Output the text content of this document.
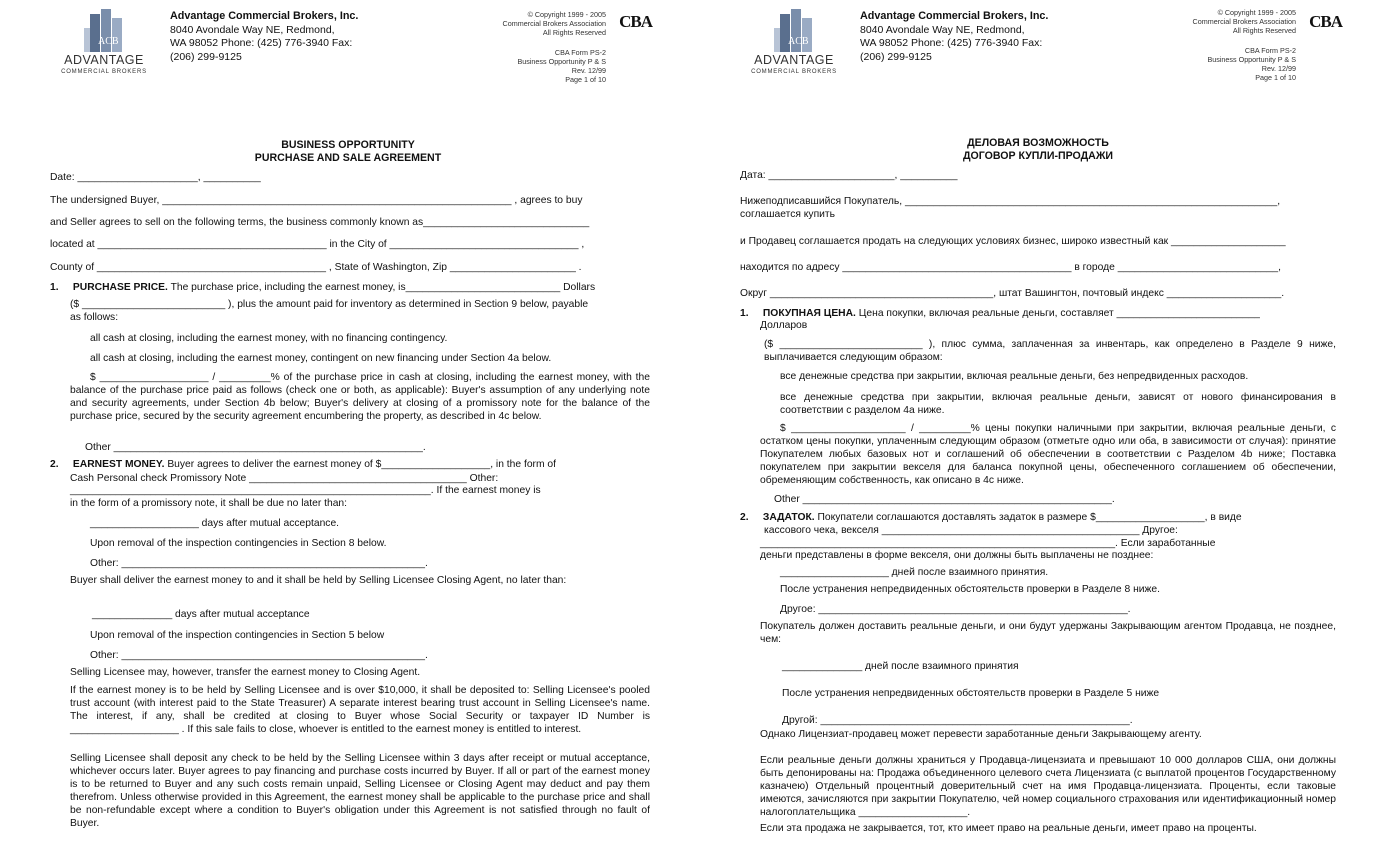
ACB
ADVANTAGE
COMMERCIAL BROKERS
Advantage Commercial Brokers, Inc.
8040 Avondale Way NE, Redmond,
WA 98052 Phone: (425) 776-3940 Fax:
(206) 299-9125
© Copyright 1999 - 2005
Commercial Brokers Association
All Rights Reserved
CBA Form PS-2
Business Opportunity P & S
Rev. 12/99
Page 1 of 10
CBA
BUSINESS OPPORTUNITY
PURCHASE AND SALE AGREEMENT
Date: _____________________, __________
The undersigned Buyer, _____________________________________________________________ , agrees to buy
and Seller agrees to sell on the following terms, the business commonly known as_____________________________
located at ________________________________________ in the City of _________________________________ ,
County of ________________________________________ , State of Washington, Zip ______________________ .
1. PURCHASE PRICE. The purchase price, including the earnest money, is___________________________ Dollars
($ _________________________ ), plus the amount paid for inventory as determined in Section 9 below, payable
as follows:
all cash at closing, including the earnest money, with no financing contingency.
all cash at closing, including the earnest money, contingent on new financing under Section 4a below.
$ ___________________ / _________% of the purchase price in cash at closing, including the earnest money, with the balance of the purchase price paid as follows (check one or both, as applicable): Buyer's assumption of any underlying note and security agreements, under Section 4b below; Buyer's delivery at closing of a promissory note for the balance of the purchase price, secured by the security agreement encumbering the property, as described in 4c below.
Other ______________________________________________________.
2. EARNEST MONEY. Buyer agrees to deliver the earnest money of $___________________, in the form of
Cash Personal check Promissory Note ______________________________________ Other:
_______________________________________________________________. If the earnest money is
in the form of a promissory note, it shall be due no later than:
___________________ days after mutual acceptance.
Upon removal of the inspection contingencies in Section 8 below.
Other: _____________________________________________________.
Buyer shall deliver the earnest money to and it shall be held by Selling Licensee Closing Agent, no later than:
______________ days after mutual acceptance
Upon removal of the inspection contingencies in Section 5 below
Other: _____________________________________________________.
Selling Licensee may, however, transfer the earnest money to Closing Agent.
If the earnest money is to be held by Selling Licensee and is over $10,000, it shall be deposited to: Selling Licensee's pooled trust account (with interest paid to the State Treasurer) A separate interest bearing trust account in Selling Licensee's name. The interest, if any, shall be credited at closing to Buyer whose Social Security or taxpayer ID Number is ___________________ . If this sale fails to close, whoever is entitled to the earnest money is entitled to interest.
Selling Licensee shall deposit any check to be held by the Selling Licensee within 3 days after receipt or mutual acceptance, whichever occurs later. Buyer agrees to pay financing and purchase costs incurred by Buyer. If all or part of the earnest money is to be returned to Buyer and any such costs remain unpaid, Selling Licensee or Closing Agent may deduct and pay them therefrom. Unless otherwise provided in this Agreement, the earnest money shall be applicable to the purchase price and shall be non-refundable except where a condition to Buyer's obligation under this Agreement is not satisfied through no fault of Buyer.
ACB
ADVANTAGE
COMMERCIAL BROKERS
Advantage Commercial Brokers, Inc.
8040 Avondale Way NE, Redmond,
WA 98052 Phone: (425) 776-3940 Fax:
(206) 299-9125
© Copyright 1999 - 2005
Commercial Brokers Association
All Rights Reserved
CBA Form PS-2
Business Opportunity P & S
Rev. 12/99
Page 1 of 10
CBA
ДЕЛОВАЯ ВОЗМОЖНОСТЬ
ДОГОВОР КУПЛИ-ПРОДАЖИ
Дата: ______________________, __________
Нижеподписавшийся Покупатель, _________________________________________________________________,
соглашается купить
и Продавец соглашается продать на следующих условиях бизнес, широко известный как ____________________
находится по адресу ________________________________________ в городе ____________________________,
Округ _______________________________________, штат Вашингтон, почтовый индекс ____________________.
1. ПОКУПНАЯ ЦЕНА. Цена покупки, включая реальные деньги, составляет _________________________
Долларов
($ _________________________ ), плюс сумма, заплаченная за инвентарь, как определено в Разделе 9 ниже, выплачивается следующим образом:
все денежные средства при закрытии, включая реальные деньги, без непредвиденных расходов.
все денежные средства при закрытии, включая реальные деньги, зависят от нового финансирования в соответствии с разделом 4а ниже.
$ ____________________ / _________% цены покупки наличными при закрытии, включая реальные деньги, с остатком цены покупки, уплаченным следующим образом (отметьте одно или оба, в зависимости от случая): принятие Покупателем любых базовых нот и соглашений об обеспечении в соответствии с Разделом 4b ниже; Поставка покупателем при закрытии векселя для баланса покупной цены, обеспеченного соглашением об обеспечении, обременяющим собственность, как описано в 4c ниже.
Other ______________________________________________________.
2. ЗАДАТОК. Покупатели соглашаются доставлять задаток в размере $___________________, в виде
кассового чека, векселя _____________________________________________ Другое:
______________________________________________________________. Если заработанные
деньги представлены в форме векселя, они должны быть выплачены не позднее:
___________________ дней после взаимного принятия.
После устранения непредвиденных обстоятельств проверки в Разделе 8 ниже.
Другое: ______________________________________________________.
Покупатель должен доставить реальные деньги, и они будут удержаны Закрывающим агентом Продавца, не позднее, чем:
______________ дней после взаимного принятия
После устранения непредвиденных обстоятельств проверки в Разделе 5 ниже
Другой: ______________________________________________________.
Однако Лицензиат-продавец может перевести заработанные деньги Закрывающему агенту.
Если реальные деньги должны храниться у Продавца-лицензиата и превышают 10 000 долларов США, они должны быть депонированы на: Продажа объединенного целевого счета Лицензиата (с выплатой процентов Государственному казначею) Отдельный процентный доверительный счет на имя Продавца-лицензиата. Проценты, если таковые имеются, зачисляются при закрытии Покупателю, чей номер социального страхования или идентификационный номер налогоплательщика ___________________.
Если эта продажа не закрывается, тот, кто имеет право на реальные деньги, имеет право на проценты.
